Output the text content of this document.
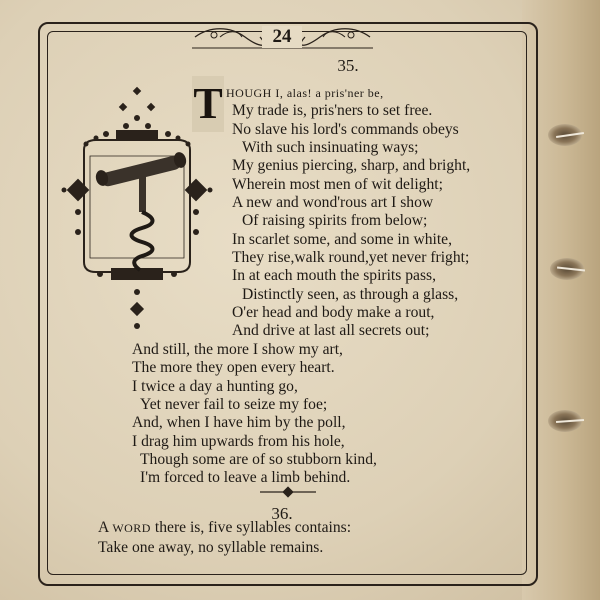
24
35.
T HOUGH I, alas! a pris'ner be,
My trade is, pris'ners to set free.
No slave his lord's commands obeys
With such insinuating ways;
My genius piercing, sharp, and bright,
Wherein most men of wit delight;
A new and wond'rous art I show
Of raising spirits from below;
In scarlet some, and some in white,
They rise,walk round,yet never fright;
In at each mouth the spirits pass,
Distinctly seen, as through a glass,
O'er head and body make a rout,
And drive at last all secrets out;
And still, the more I show my art,
The more they open every heart.
I twice a day a hunting go,
Yet never fail to seize my foe;
And, when I have him by the poll,
I drag him upwards from his hole,
Though some are of so stubborn kind,
I'm forced to leave a limb behind.
36.
A WORD there is, five syllables contains:
Take one away, no syllable remains.
